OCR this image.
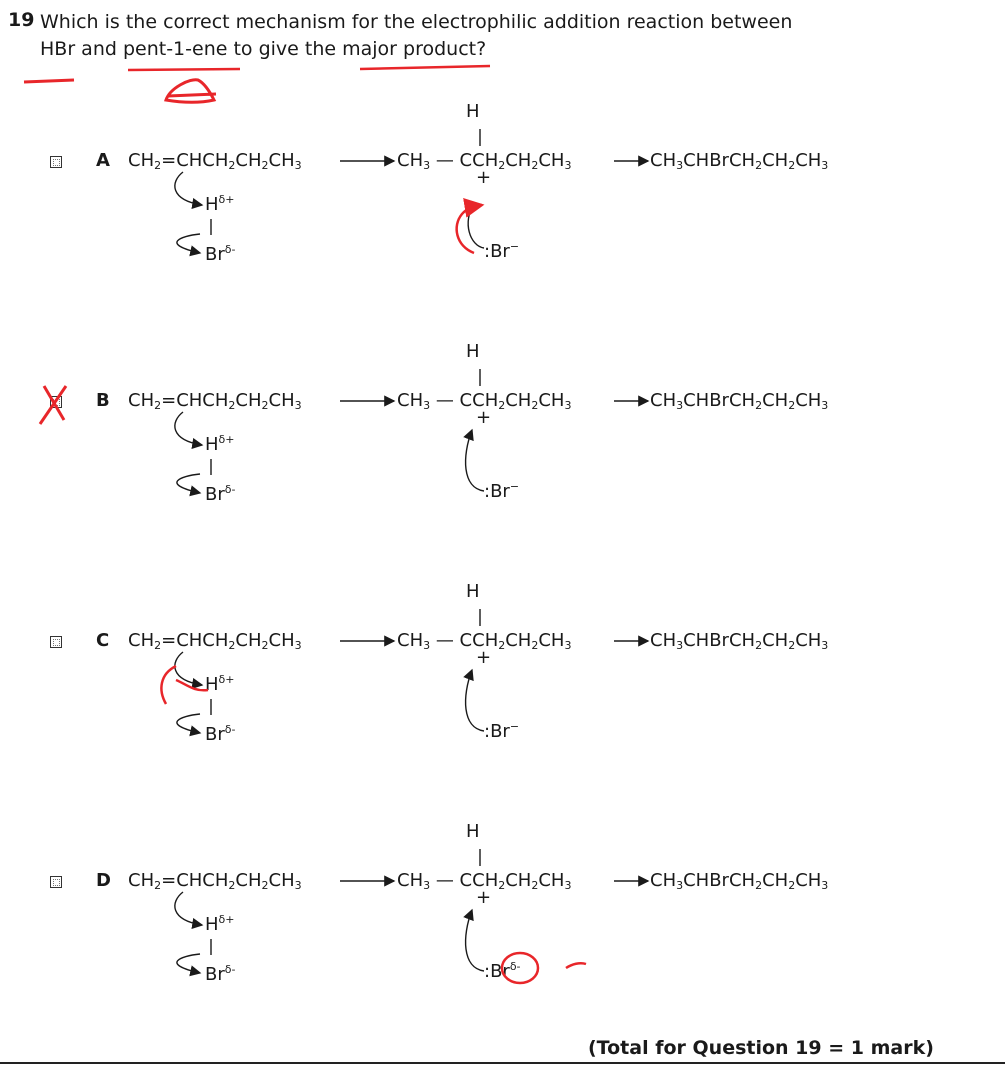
19 Which is the correct mechanism for the electrophilic addition reaction between
HBr and pent-1-ene to give the major product?
A $CH_2=CHCH_2CH_2CH_3$	$CH_3$ — $CCH_2CH_2CH_3$
H
+
$CH_3CHBrCH_2CH_2CH_3$
$H^{\delta+}$
$Br^{\delta-}$	:Br−
B $CH_2=CHCH_2CH_2CH_3$	$CH_3$ — $CCH_2CH_2CH_3$
H
+
$CH_3CHBrCH_2CH_2CH_3$
$H^{\delta+}$
$Br^{\delta-}$	:Br−
C $CH_2=CHCH_2CH_2CH_3$	$CH_3$ — $CCH_2CH_2CH_3$
H
+
$CH_3CHBrCH_2CH_2CH_3$
$H^{\delta+}$
$Br^{\delta-}$	:Br−
D $CH_2=CHCH_2CH_2CH_3$	$CH_3$ — $CCH_2CH_2CH_3$
H
+
$CH_3CHBrCH_2CH_2CH_3$
$H^{\delta+}$
$Br^{\delta-}$	$:Br^{\delta-}$
(Total for Question 19 = 1 mark)
